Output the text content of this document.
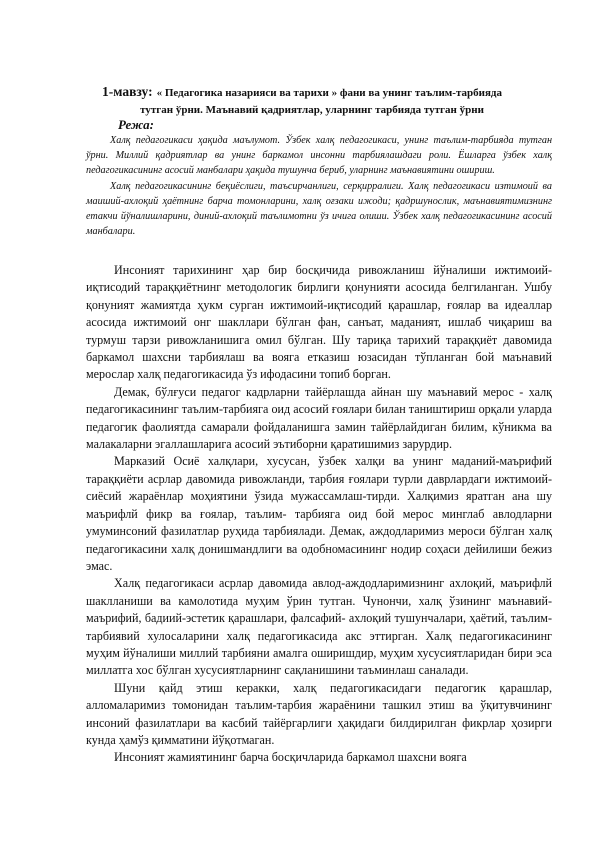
1-мавзу: « Педагогика назарияси ва тарихи » фани ва унинг таълим-тарбияда
тутган ўрни. Маънавий қадриятлар, уларнинг тарбияда тутган ўрни
Режа:

Халқ педагогикаси ҳақида маълумот. Ўзбек халқ педагогикаси, унинг таълим-тарбияда тутган ўрни. Миллий қадриятлар ва унинг баркамол инсонни тарбиялашдаги роли. Ёшларга ўзбек халқ педагогикасининг асосий манбалари ҳақида тушунча бериб, уларнинг маънавиятини ошириш.

Халқ педагогикасининг беқиёслиги, таъсирчанлиги, серқирралиги. Халқ педагогикаси изтимоий ва маиший-ахлоқий ҳаётнинг барча томонларини, халқ оғзаки ижоди; қадршунослик, маънавиятимизнинг етакчи йўналишларини, диний-ахлоқий таълимотни ўз ичига олиши. Ўзбек халқ педагогикасининг асосий манбалари.

Инсоният тарихининг ҳар бир босқичида ривожланиш йўналиши ижтимоий-иқтисодий тараққиётнинг методологик бирлиги қонунияти асосида белгиланган. Ушбу қонуният жамиятда ҳукм сурган ижтимоий-иқтисодий қарашлар, ғоялар ва идеаллар асосида ижтимоий онг шакллари бўлган фан, санъат, маданият, ишлаб чиқариш ва турмуш тарзи ривожланишига омил бўлган. Шу тариқа тарихий тараққиёт давомида баркамол шахсни тарбиялаш ва вояга етказиш юзасидан тўпланган бой маънавий мерослар халқ педагогикасида ўз ифодасини топиб борган.

Демак, бўлғуси педагог кадрларни тайёрлашда айнан шу маънавий мерос - халқ педагогикасининг таълим-тарбияга оид асосий ғоялари билан таништириш орқали уларда педагогик фаолиятда самарали фойдаланишга замин тайёрлайдиган билим, кўникма ва малакаларни эгаллашларига асосий эътиборни қаратишимиз зарурдир.

Марказий Осиё халқлари, хусусан, ўзбек халқи ва унинг маданий-маърифий тараққиёти асрлар давомида ривожланди, тарбия ғоялари турли даврлардаги ижтимоий-сиёсий жараёнлар моҳиятини ўзида мужассамлаш-тирди. Халқимиз яратган ана шу маърифлй фикр ва ғоялар, таълим- тарбияга оид бой мерос минглаб авлодларни умуминсоний фазилатлар руҳида тарбиялади. Демак, аждодларимиз мероси бўлган халқ педагогикасини халқ донишмандлиги ва одобномасининг нодир соҳаси дейилиши бежиз эмас.

Халқ педагогикаси асрлар давомида авлод-аждодларимизнинг ахлоқий, маърифлй шаклланиши ва камолотида муҳим ўрин тутган. Чунончи, халқ ўзининг маънавий-маърифий, бадиий-эстетик қарашлари, фалсафий- ахлоқий тушунчалари, ҳаётий, таълим-тарбиявий хулосаларини халқ педагогикасида акс эттирган. Халқ педагогикасининг муҳим йўналиши миллий тарбияни амалга оширишдир, муҳим хусусиятларидан бири эса миллатга хос бўлган хусусиятларнинг сақланишини таъминлаш саналади.

Шуни қайд этиш керакки, халқ педагогикасидаги педагогик қарашлар, алломаларимиз томонидан таълим-тарбия жараёнини ташкил этиш ва ўқитувчининг инсоний фазилатлари ва касбий тайёргарлиги ҳақидаги билдирилган фикрлар ҳозирги кунда ҳамўз қимматини йўқотмаган.

Инсоният жамиятининг барча босқичларида баркамол шахсни вояга
